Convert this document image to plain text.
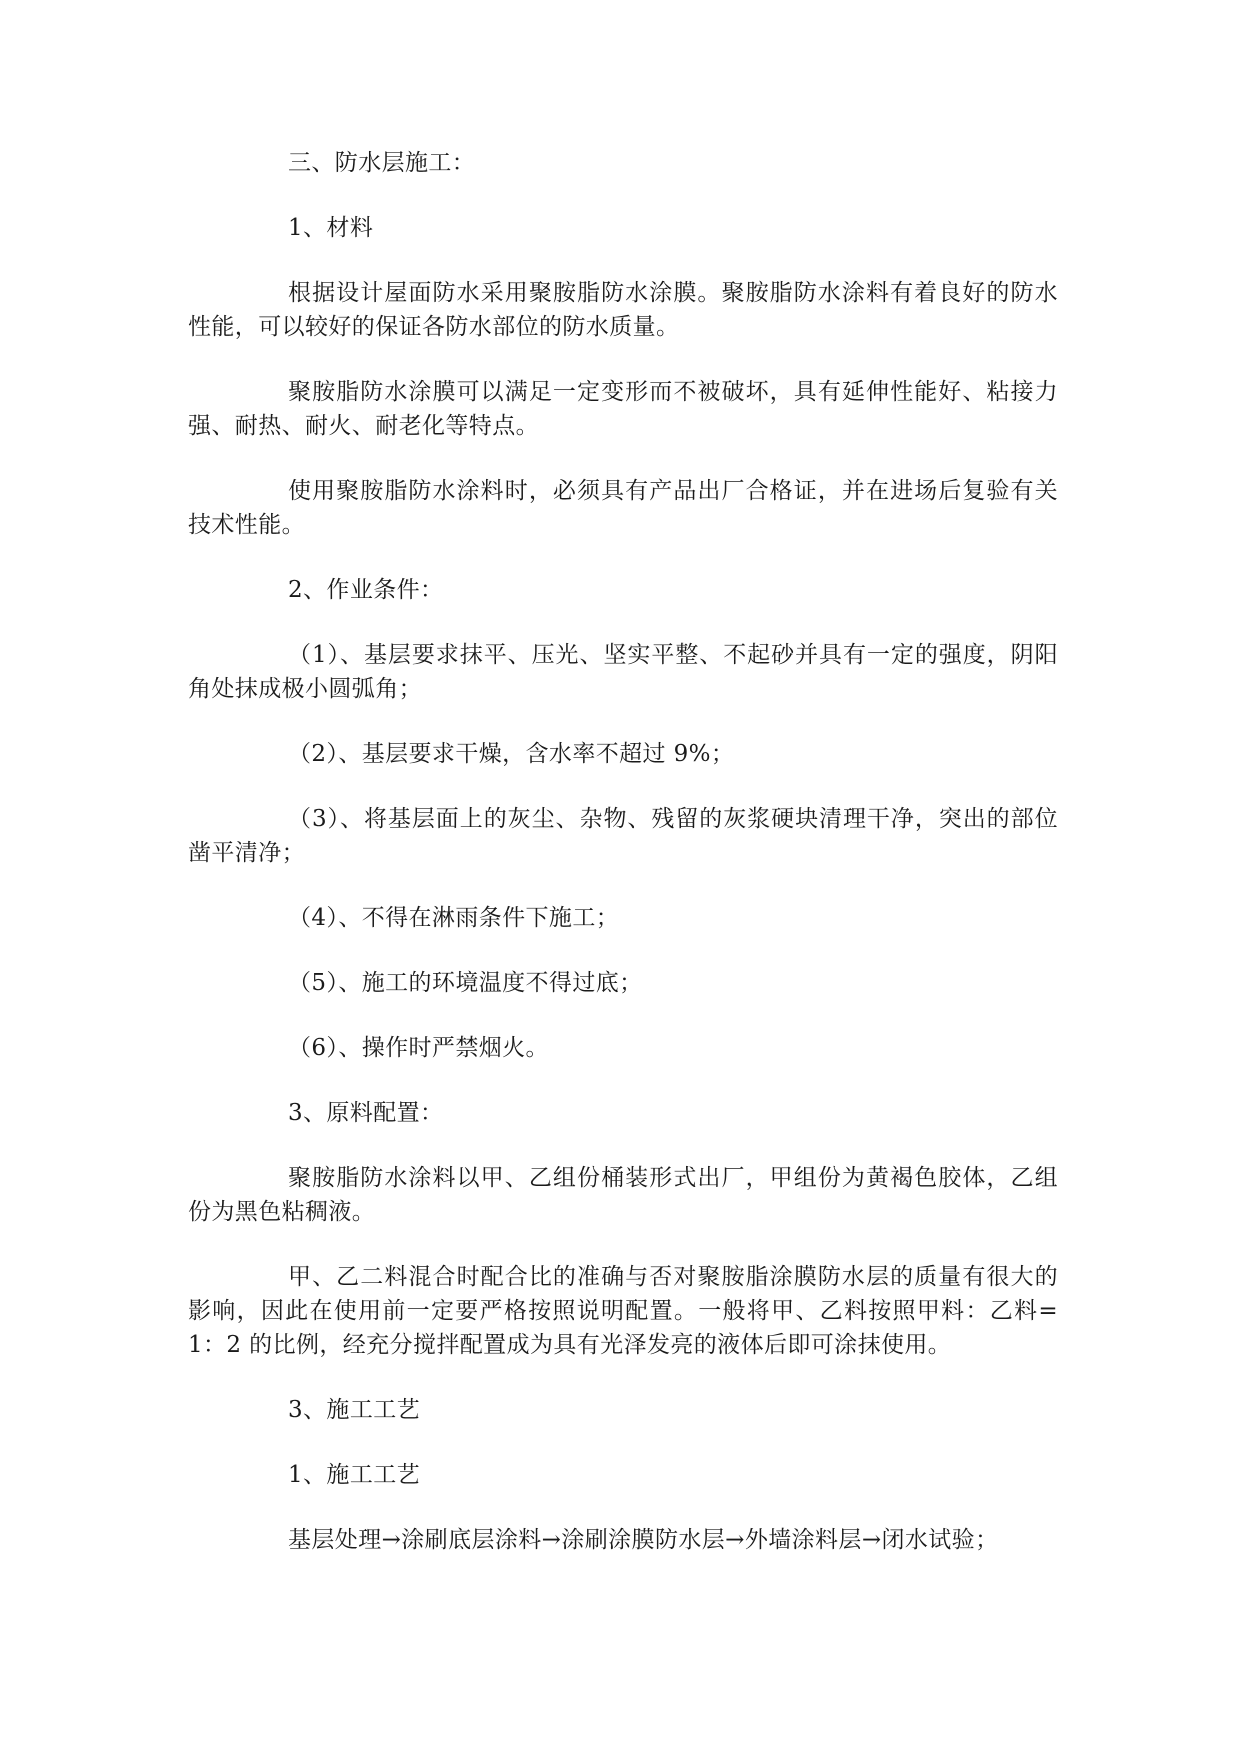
三、防水层施工：

1、材料

根据设计屋面防水采用聚胺脂防水涂膜。聚胺脂防水涂料有着良好的防水性能，可以较好的保证各防水部位的防水质量。

聚胺脂防水涂膜可以满足一定变形而不被破坏，具有延伸性能好、粘接力强、耐热、耐火、耐老化等特点。

使用聚胺脂防水涂料时，必须具有产品出厂合格证，并在进场后复验有关技术性能。

2、作业条件：

（1）、基层要求抹平、压光、坚实平整、不起砂并具有一定的强度，阴阳角处抹成极小圆弧角；

（2）、基层要求干燥，含水率不超过 9%；

（3）、将基层面上的灰尘、杂物、残留的灰浆硬块清理干净，突出的部位凿平清净；

（4）、不得在淋雨条件下施工；

（5）、施工的环境温度不得过底；

（6）、操作时严禁烟火。

3、原料配置：

聚胺脂防水涂料以甲、乙组份桶装形式出厂，甲组份为黄褐色胶体，乙组份为黑色粘稠液。

甲、乙二料混合时配合比的准确与否对聚胺脂涂膜防水层的质量有很大的影响，因此在使用前一定要严格按照说明配置。一般将甲、乙料按照甲料：乙料=1：2 的比例，经充分搅拌配置成为具有光泽发亮的液体后即可涂抹使用。

3、施工工艺

1、施工工艺

基层处理→涂刷底层涂料→涂刷涂膜防水层→外墙涂料层→闭水试验；
